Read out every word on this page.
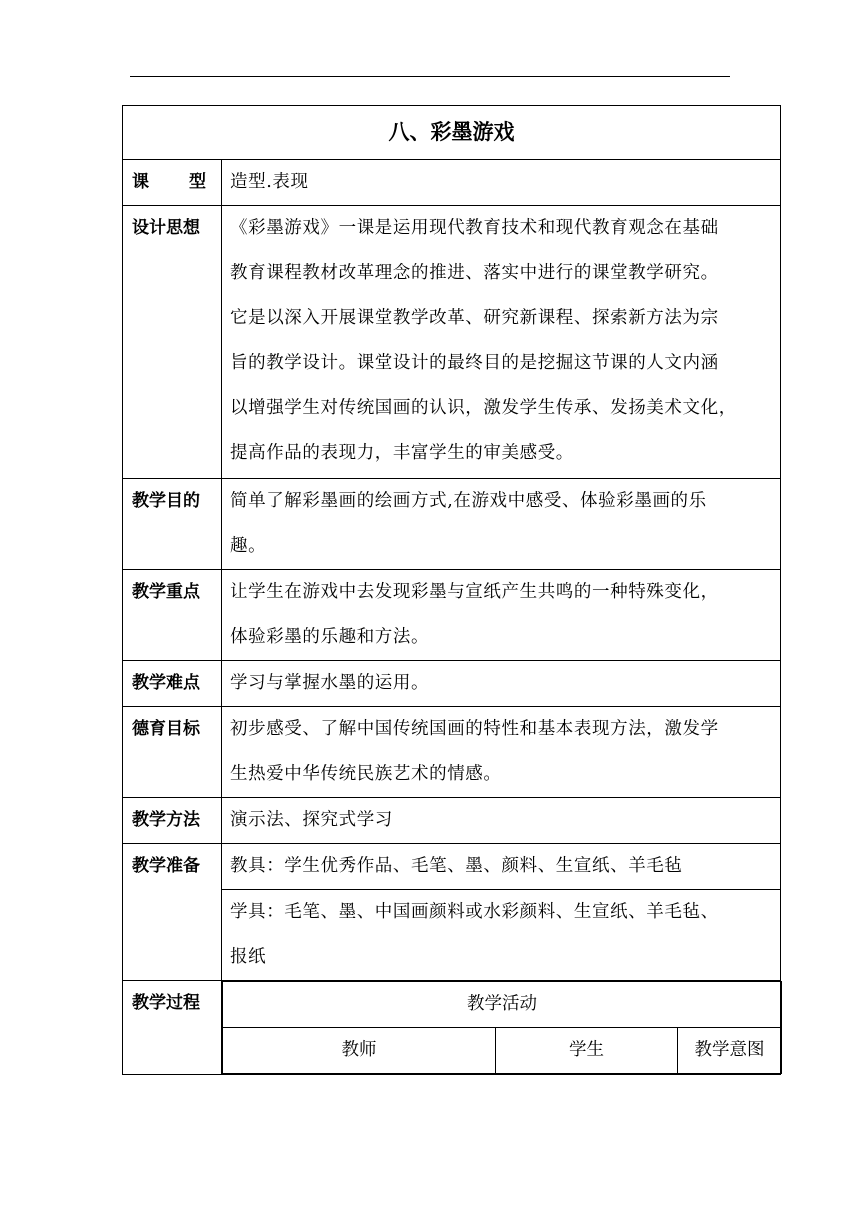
八、彩墨游戏
课 型	造型.表现
设计思想	《彩墨游戏》一课是运用现代教育技术和现代教育观念在基础
教育课程教材改革理念的推进、落实中进行的课堂教学研究。
它是以深入开展课堂教学改革、研究新课程、探索新方法为宗
旨的教学设计。课堂设计的最终目的是挖掘这节课的人文内涵
以增强学生对传统国画的认识，激发学生传承、发扬美术文化，
提高作品的表现力，丰富学生的审美感受。

教学目的	简单了解彩墨画的绘画方式,在游戏中感受、体验彩墨画的乐
趣。

教学重点	让学生在游戏中去发现彩墨与宣纸产生共鸣的一种特殊变化，
体验彩墨的乐趣和方法。

教学难点	学习与掌握水墨的运用。
德育目标	初步感受、了解中国传统国画的特性和基本表现方法，激发学
生热爱中华传统民族艺术的情感。

教学方法	演示法、探究式学习
教学准备	教具：学生优秀作品、毛笔、墨、颜料、生宣纸、羊毛毡
学具：毛笔、墨、中国画颜料或水彩颜料、生宣纸、羊毛毡、
报纸

教学过程		教学活动
教师	学生	教学意图
